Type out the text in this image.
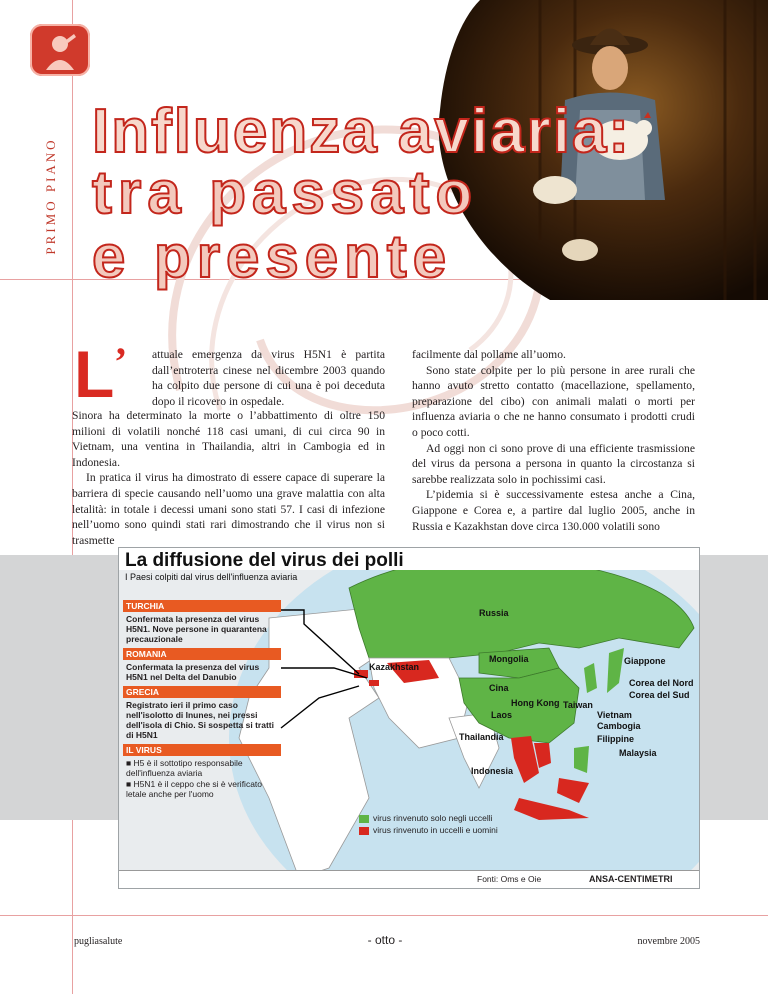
PRIMO PIANO
Influenza aviaria:
tra passato
e presente
L ’ attuale emergenza da virus H5N1 è partita dall’entroterra cinese nel dicembre 2003 quando ha colpito due persone di cui una è poi deceduta dopo il ricovero in ospedale.

Sinora ha determinato la morte o l’abbattimento di oltre 150 milioni di volatili nonché 118 casi umani, di cui circa 90 in Vietnam, una ventina in Thailandia, altri in Cambogia ed in Indonesia.

In pratica il virus ha dimostrato di essere capace di superare la barriera di specie causando nell’uomo una grave malattia con alta letalità: in totale i decessi umani sono stati 57. I casi di infezione nell’uomo sono quindi stati rari dimostrando che il virus non si trasmette

facilmente dal pollame all’uomo.

Sono state colpite per lo più persone in aree rurali che hanno avuto stretto contatto (macellazione, spellamento, preparazione del cibo) con animali malati o morti per influenza aviaria o che ne hanno consumato i prodotti crudi o poco cotti.

Ad oggi non ci sono prove di una efficiente trasmissione del virus da persona a persona in quanto la circostanza si sarebbe realizzata solo in pochissimi casi.

L’pidemia si è successivamente estesa anche a Cina, Giappone e Corea e, a partire dal luglio 2005, anche in Russia e Kazakhstan dove circa 130.000 volatili sono

La diffusione del virus dei polli
I Paesi colpiti dal virus dell'influenza aviaria
TURCHIA
Confermata la presenza del virus H5N1. Nove persone in quarantena precauzionale
ROMANIA
Confermata la presenza del virus H5N1 nel Delta del Danubio
GRECIA
Registrato ieri il primo caso nell'isolotto di Inunes, nei pressi dell'isola di Chio. Si sospetta si tratti di H5N1
IL VIRUS
■ H5 è il sottotipo responsabile dell'influenza aviaria
■ H5N1 è il ceppo che si è verificato letale anche per l'uomo
Russia
Kazakhstan
Mongolia
Cina
Giappone
Corea del Nord
Corea del Sud
Hong Kong Taiwan
Laos	Vietnam
Cambogia
Thailandia	Filippine
Malaysia
Indonesia
virus rinvenuto solo negli uccelli
virus rinvenuto in uccelli e uomini
Fonti: Oms e Oie	ANSA-CENTIMETRI
pugliasalute	- otto -	novembre 2005
